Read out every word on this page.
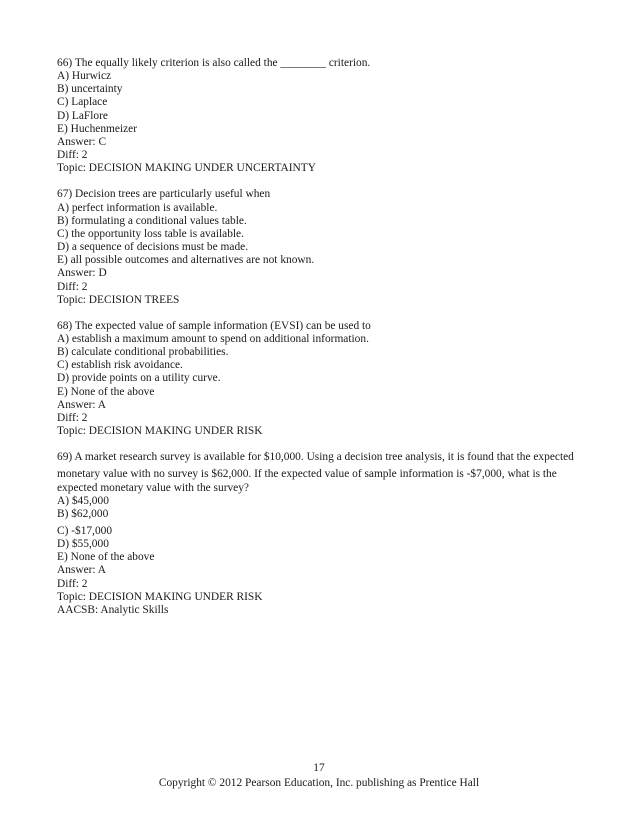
66) The equally likely criterion is also called the ________ criterion.
A) Hurwicz
B) uncertainty
C) Laplace
D) LaFlore
E) Huchenmeizer
Answer: C
Diff: 2
Topic: DECISION MAKING UNDER UNCERTAINTY
67) Decision trees are particularly useful when
A) perfect information is available.
B) formulating a conditional values table.
C) the opportunity loss table is available.
D) a sequence of decisions must be made.
E) all possible outcomes and alternatives are not known.
Answer: D
Diff: 2
Topic: DECISION TREES
68) The expected value of sample information (EVSI) can be used to
A) establish a maximum amount to spend on additional information.
B) calculate conditional probabilities.
C) establish risk avoidance.
D) provide points on a utility curve.
E) None of the above
Answer: A
Diff: 2
Topic: DECISION MAKING UNDER RISK
69) A market research survey is available for $10,000. Using a decision tree analysis, it is found that the expected
monetary value with no survey is $62,000. If the expected value of sample information is -$7,000, what is the
expected monetary value with the survey?
A) $45,000
B) $62,000
C) -$17,000
D) $55,000
E) None of the above
Answer: A
Diff: 2
Topic: DECISION MAKING UNDER RISK
AACSB: Analytic Skills
17
Copyright © 2012 Pearson Education, Inc. publishing as Prentice Hall
